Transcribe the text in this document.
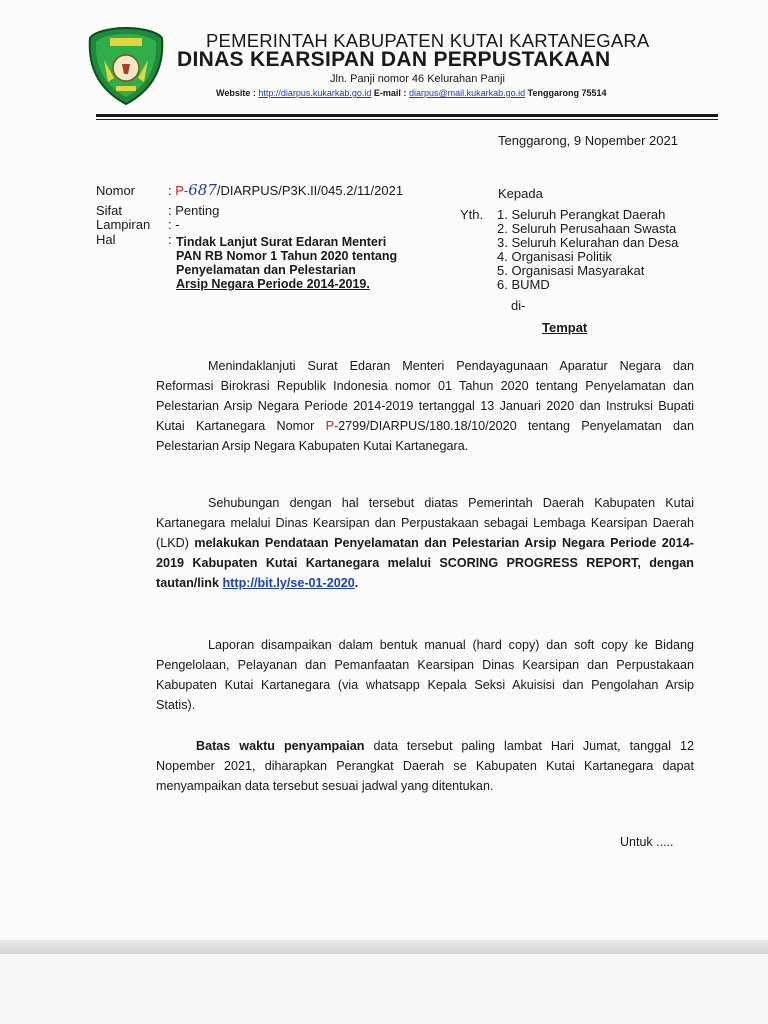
PEMERINTAH KABUPATEN KUTAI KARTANEGARA
DINAS KEARSIPAN DAN PERPUSTAKAAN
Jln. Panji nomor 46 Kelurahan Panji
Website : http://diarpus.kukarkab.go.id E-mail : diarpus@mail.kukarkab.go.id Tenggarong 75514
Tenggarong, 9 Nopember 2021
Nomor	: P-687/DIARPUS/P3K.II/045.2/11/2021
Sifat	: Penting
Lampiran : -
Hal	: Tindak Lanjut Surat Edaran Menteri
PAN RB Nomor 1 Tahun 2020 tentang
Penyelamatan dan Pelestarian
Arsip Negara Periode 2014-2019.
Kepada
Yth. 1. Seluruh Perangkat Daerah
2. Seluruh Perusahaan Swasta
3. Seluruh Kelurahan dan Desa
4. Organisasi Politik
5. Organisasi Masyarakat
6. BUMD
di-
Tempat
Menindaklanjuti Surat Edaran Menteri Pendayagunaan Aparatur Negara dan Reformasi Birokrasi Republik Indonesia nomor 01 Tahun 2020 tentang Penyelamatan dan Pelestarian Arsip Negara Periode 2014-2019 tertanggal 13 Januari 2020 dan Instruksi Bupati Kutai Kartanegara Nomor P-2799/DIARPUS/180.18/10/2020 tentang Penyelamatan dan Pelestarian Arsip Negara Kabupaten Kutai Kartanegara.
Sehubungan dengan hal tersebut diatas Pemerintah Daerah Kabupaten Kutai Kartanegara melalui Dinas Kearsipan dan Perpustakaan sebagai Lembaga Kearsipan Daerah (LKD) melakukan Pendataan Penyelamatan dan Pelestarian Arsip Negara Periode 2014-2019 Kabupaten Kutai Kartanegara melalui SCORING PROGRESS REPORT, dengan tautan/link http://bit.ly/se-01-2020.
Laporan disampaikan dalam bentuk manual (hard copy) dan soft copy ke Bidang Pengelolaan, Pelayanan dan Pemanfaatan Kearsipan Dinas Kearsipan dan Perpustakaan Kabupaten Kutai Kartanegara (via whatsapp Kepala Seksi Akuisisi dan Pengolahan Arsip Statis).
Batas waktu penyampaian data tersebut paling lambat Hari Jumat, tanggal 12 Nopember 2021, diharapkan Perangkat Daerah se Kabupaten Kutai Kartanegara dapat menyampaikan data tersebut sesuai jadwal yang ditentukan.
Untuk .....
